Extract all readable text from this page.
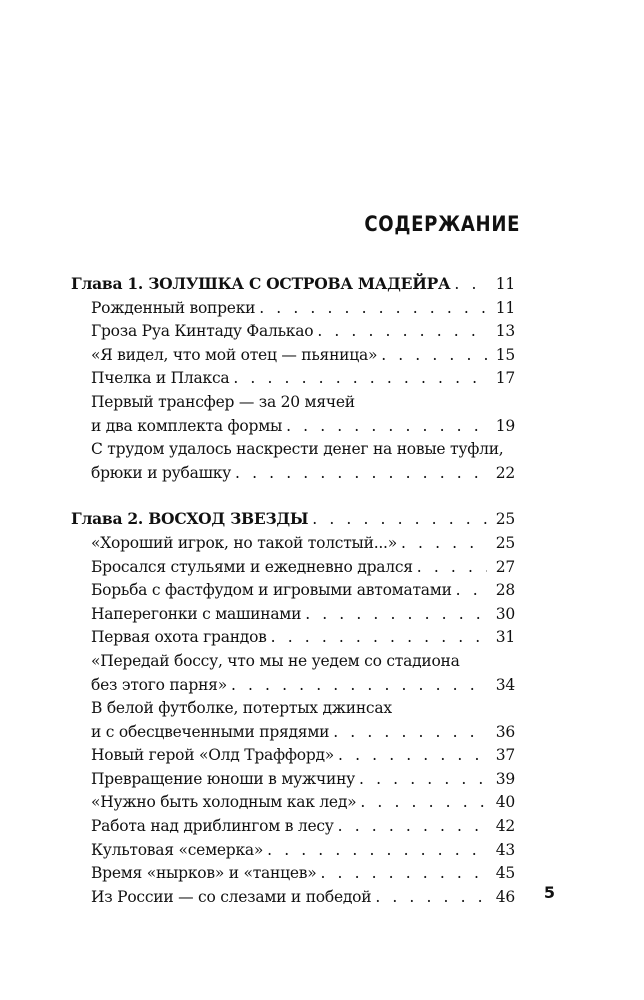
СОДЕРЖАНИЕ
Глава 1. ЗОЛУШКА С ОСТРОВА МАДЕЙРА . . .	11
Рожденный вопреки . . .	11
Гроза Руа Кинтаду Фалькао . . .	13
«Я видел, что мой отец — пьяница» . . .	15
Пчелка и Плакса . . .	17
Первый трансфер — за 20 мячей
и два комплекта формы . . .	19
С трудом удалось наскрести денег на новые туфли,
брюки и рубашку . . .	22
Глава 2. ВОСХОД ЗВЕЗДЫ . . .	25
«Хороший игрок, но такой толстый...» . . .	25
Бросался стульями и ежедневно дрался . . .	27
Борьба с фастфудом и игровыми автоматами . . .	28
Наперегонки с машинами . . .	30
Первая охота грандов . . .	31
«Передай боссу, что мы не уедем со стадиона
без этого парня» . . .	34
В белой футболке, потертых джинсах
и с обесцвеченными прядями . . .	36
Новый герой «Олд Траффорд» . . .	37
Превращение юноши в мужчину . . .	39
«Нужно быть холодным как лед» . . .	40
Работа над дриблингом в лесу . . .	42
Культовая «семерка» . . .	43
Время «нырков» и «танцев» . . .	45
Из России — со слезами и победой . . .	46 5
